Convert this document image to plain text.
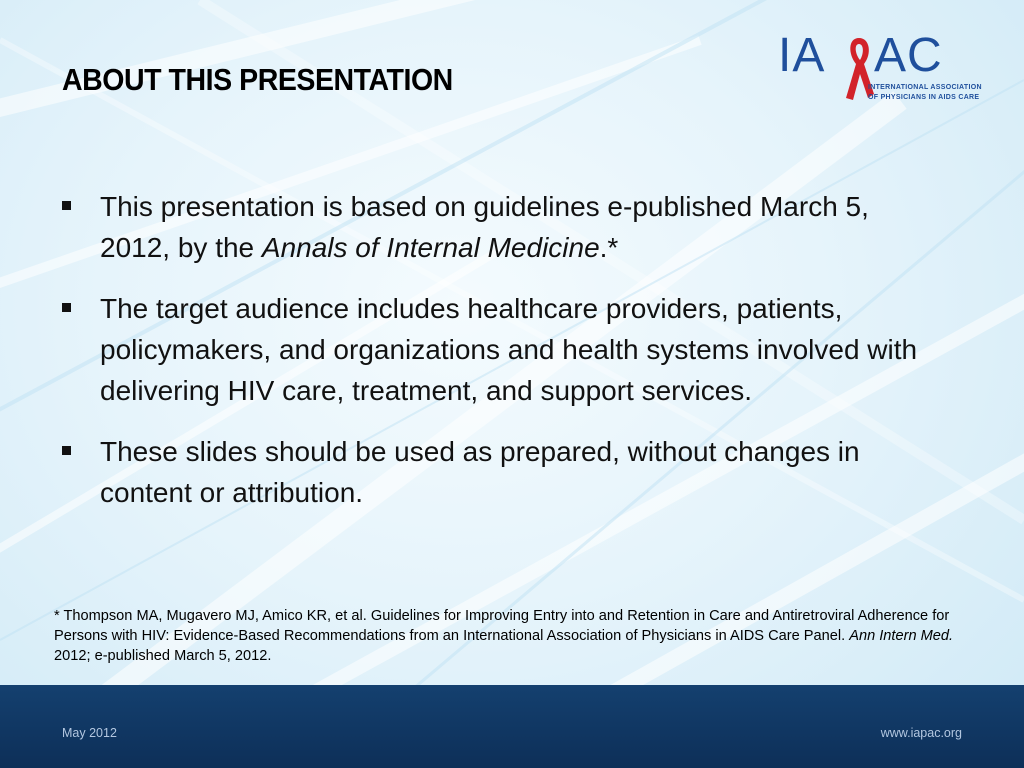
ABOUT THIS PRESENTATION	IA AC
INTERNATIONAL ASSOCIATION
OF PHYSICIANS IN AIDS CARE
This presentation is based on guidelines e-published March 5, 2012, by the Annals of Internal Medicine.*
The target audience includes healthcare providers, patients, policymakers, and organizations and health systems involved with delivering HIV care, treatment, and support services.
These slides should be used as prepared, without changes in content or attribution.
* Thompson MA, Mugavero MJ, Amico KR, et al. Guidelines for Improving Entry into and Retention in Care and Antiretroviral Adherence for Persons with HIV: Evidence-Based Recommendations from an International Association of Physicians in AIDS Care Panel. Ann Intern Med. 2012; e-published March 5, 2012.
May 2012	www.iapac.org
